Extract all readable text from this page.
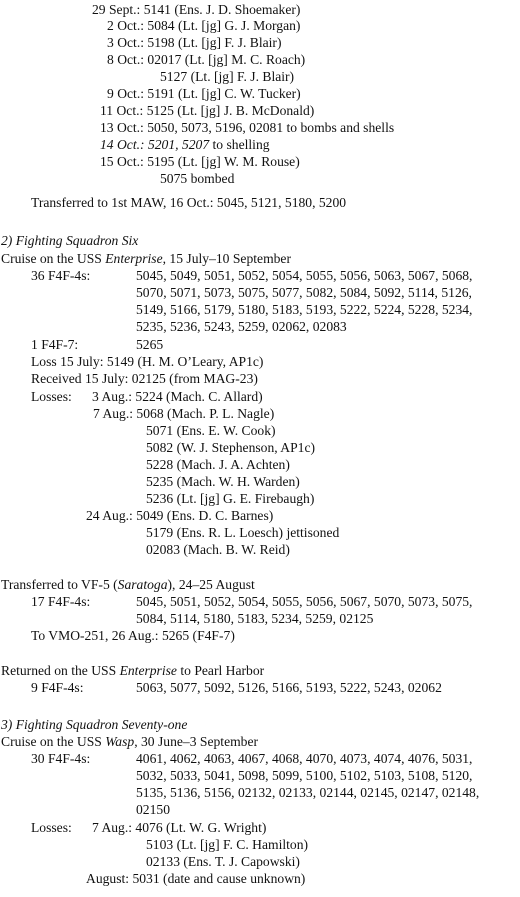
29 Sept.: 5141 (Ens. J. D. Shoemaker)
2 Oct.: 5084 (Lt. [jg] G. J. Morgan)
3 Oct.: 5198 (Lt. [jg] F. J. Blair)
8 Oct.: 02017 (Lt. [jg] M. C. Roach)
5127 (Lt. [jg] F. J. Blair)
9 Oct.: 5191 (Lt. [jg] C. W. Tucker)
11 Oct.: 5125 (Lt. [jg] J. B. McDonald)
13 Oct.: 5050, 5073, 5196, 02081 to bombs and shells
14 Oct.: 5201, 5207 to shelling
15 Oct.: 5195 (Lt. [jg] W. M. Rouse)
5075 bombed
Transferred to 1st MAW, 16 Oct.: 5045, 5121, 5180, 5200
2) Fighting Squadron Six
Cruise on the USS Enterprise, 15 July–10 September
36 F4F-4s:	5045, 5049, 5051, 5052, 5054, 5055, 5056, 5063, 5067, 5068,
5070, 5071, 5073, 5075, 5077, 5082, 5084, 5092, 5114, 5126,
5149, 5166, 5179, 5180, 5183, 5193, 5222, 5224, 5228, 5234,
5235, 5236, 5243, 5259, 02062, 02083
1 F4F-7:	5265
Loss 15 July: 5149 (H. M. O’Leary, AP1c)
Received 15 July: 02125 (from MAG-23)
Losses: 3 Aug.: 5224 (Mach. C. Allard)
7 Aug.: 5068 (Mach. P. L. Nagle)
5071 (Ens. E. W. Cook)
5082 (W. J. Stephenson, AP1c)
5228 (Mach. J. A. Achten)
5235 (Mach. W. H. Warden)
5236 (Lt. [jg] G. E. Firebaugh)
24 Aug.: 5049 (Ens. D. C. Barnes)
5179 (Ens. R. L. Loesch) jettisoned
02083 (Mach. B. W. Reid)
Transferred to VF-5 (Saratoga), 24–25 August
17 F4F-4s:	5045, 5051, 5052, 5054, 5055, 5056, 5067, 5070, 5073, 5075,
5084, 5114, 5180, 5183, 5234, 5259, 02125
To VMO-251, 26 Aug.: 5265 (F4F-7)
Returned on the USS Enterprise to Pearl Harbor
9 F4F-4s:	5063, 5077, 5092, 5126, 5166, 5193, 5222, 5243, 02062
3) Fighting Squadron Seventy-one
Cruise on the USS Wasp, 30 June–3 September
30 F4F-4s:	4061, 4062, 4063, 4067, 4068, 4070, 4073, 4074, 4076, 5031,
5032, 5033, 5041, 5098, 5099, 5100, 5102, 5103, 5108, 5120,
5135, 5136, 5156, 02132, 02133, 02144, 02145, 02147, 02148,
02150
Losses: 7 Aug.: 4076 (Lt. W. G. Wright)
5103 (Lt. [jg] F. C. Hamilton)
02133 (Ens. T. J. Capowski)
August: 5031 (date and cause unknown)
